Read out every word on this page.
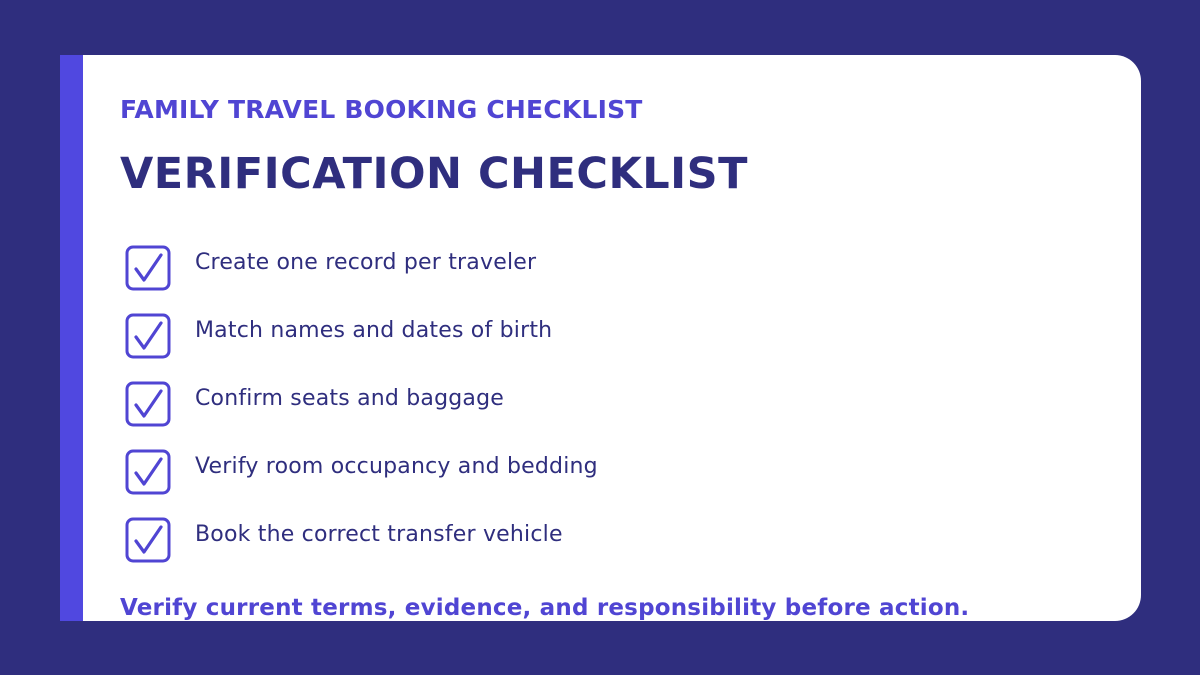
FAMILY TRAVEL BOOKING CHECKLIST
VERIFICATION CHECKLIST
Create one record per traveler
Match names and dates of birth
Confirm seats and baggage
Verify room occupancy and bedding
Book the correct transfer vehicle
Verify current terms, evidence, and responsibility before action.
